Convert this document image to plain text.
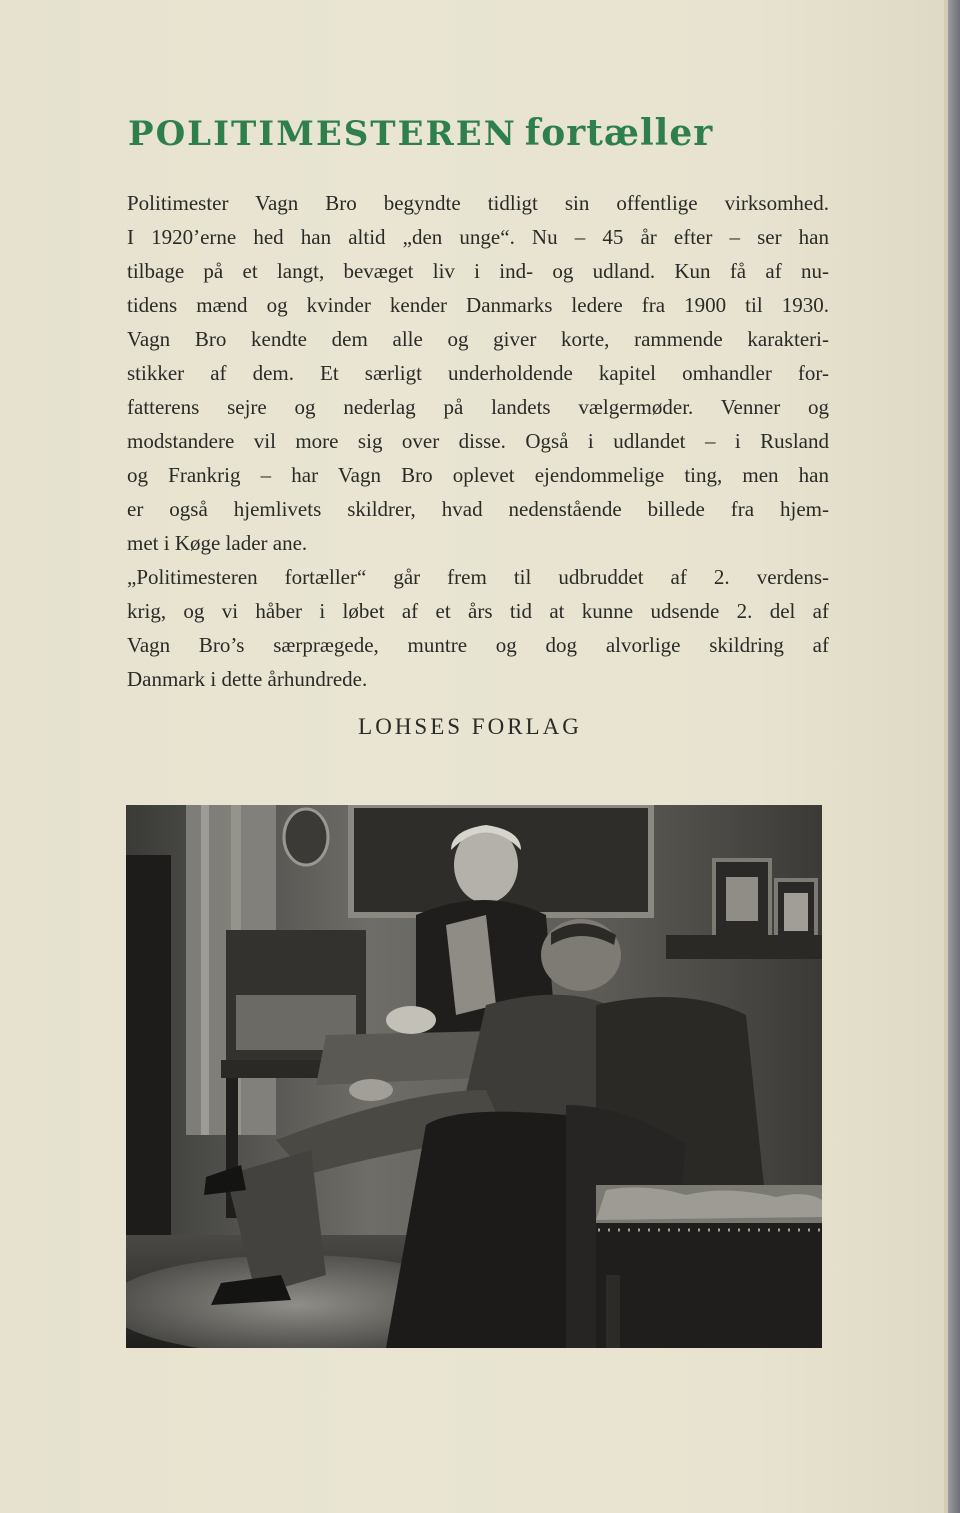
POLITIMESTEREN fortæller
Politimester Vagn Bro begyndte tidligt sin offentlige virksomhed.
I 1920’erne hed han altid „den unge“. Nu – 45 år efter – ser han
tilbage på et langt, bevæget liv i ind- og udland. Kun få af nu-
tidens mænd og kvinder kender Danmarks ledere fra 1900 til 1930.
Vagn Bro kendte dem alle og giver korte, rammende karakteri-
stikker af dem. Et særligt underholdende kapitel omhandler for-
fatterens sejre og nederlag på landets vælgermøder. Venner og
modstandere vil more sig over disse. Også i udlandet – i Rusland
og Frankrig – har Vagn Bro oplevet ejendommelige ting, men han
er også hjemlivets skildrer, hvad nedenstående billede fra hjem-
met i Køge lader ane.
„Politimesteren fortæller“ går frem til udbruddet af 2. verdens-
krig, og vi håber i løbet af et års tid at kunne udsende 2. del af
Vagn Bro’s særprægede, muntre og dog alvorlige skildring af
Danmark i dette århundrede.

LOHSES FORLAG
